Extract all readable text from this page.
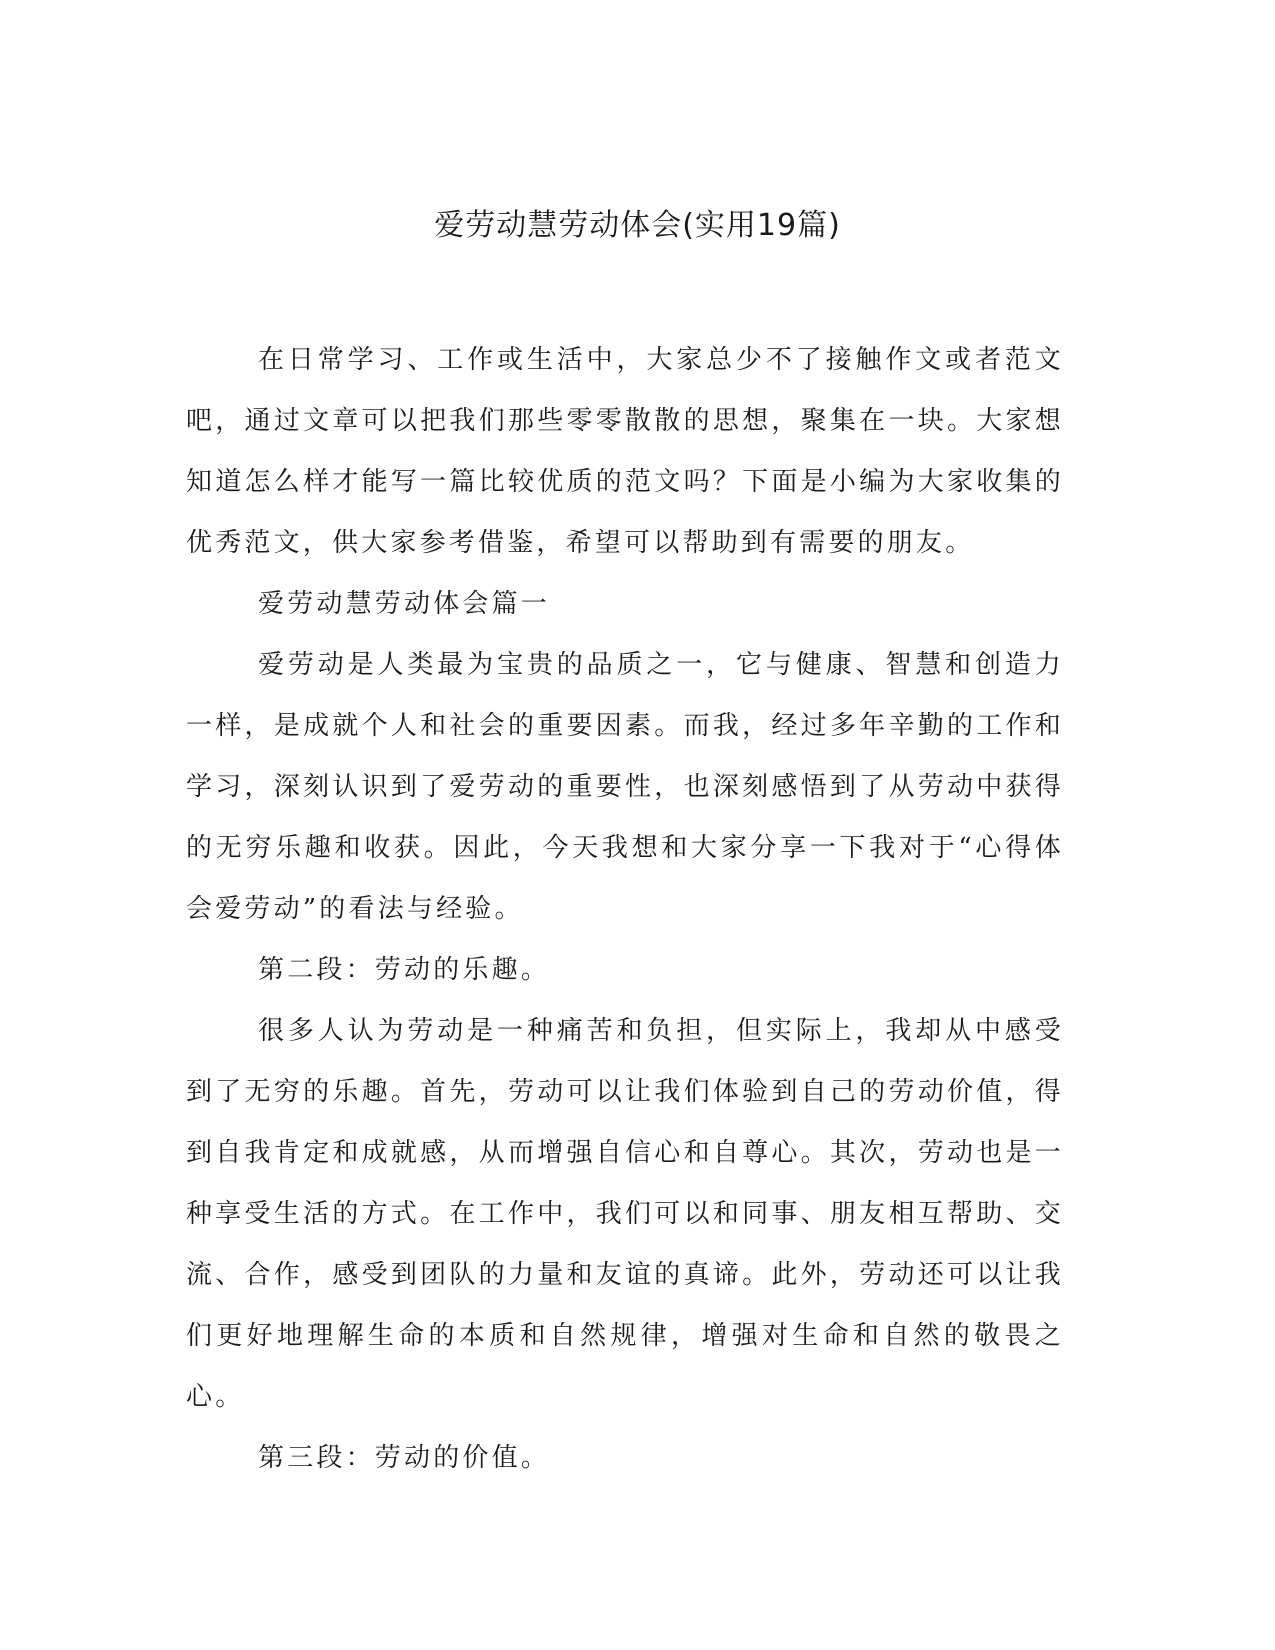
爱劳动慧劳动体会(实用19篇)

在日常学习、工作或生活中，大家总少不了接触作文或者范文吧，通过文章可以把我们那些零零散散的思想，聚集在一块。大家想知道怎么样才能写一篇比较优质的范文吗？下面是小编为大家收集的优秀范文，供大家参考借鉴，希望可以帮助到有需要的朋友。

爱劳动慧劳动体会篇一

爱劳动是人类最为宝贵的品质之一，它与健康、智慧和创造力一样，是成就个人和社会的重要因素。而我，经过多年辛勤的工作和学习，深刻认识到了爱劳动的重要性，也深刻感悟到了从劳动中获得的无穷乐趣和收获。因此，今天我想和大家分享一下我对于“心得体会爱劳动”的看法与经验。

第二段：劳动的乐趣。

很多人认为劳动是一种痛苦和负担，但实际上，我却从中感受到了无穷的乐趣。首先，劳动可以让我们体验到自己的劳动价值，得到自我肯定和成就感，从而增强自信心和自尊心。其次，劳动也是一种享受生活的方式。在工作中，我们可以和同事、朋友相互帮助、交流、合作，感受到团队的力量和友谊的真谛。此外，劳动还可以让我们更好地理解生命的本质和自然规律，增强对生命和自然的敬畏之心。

第三段：劳动的价值。
